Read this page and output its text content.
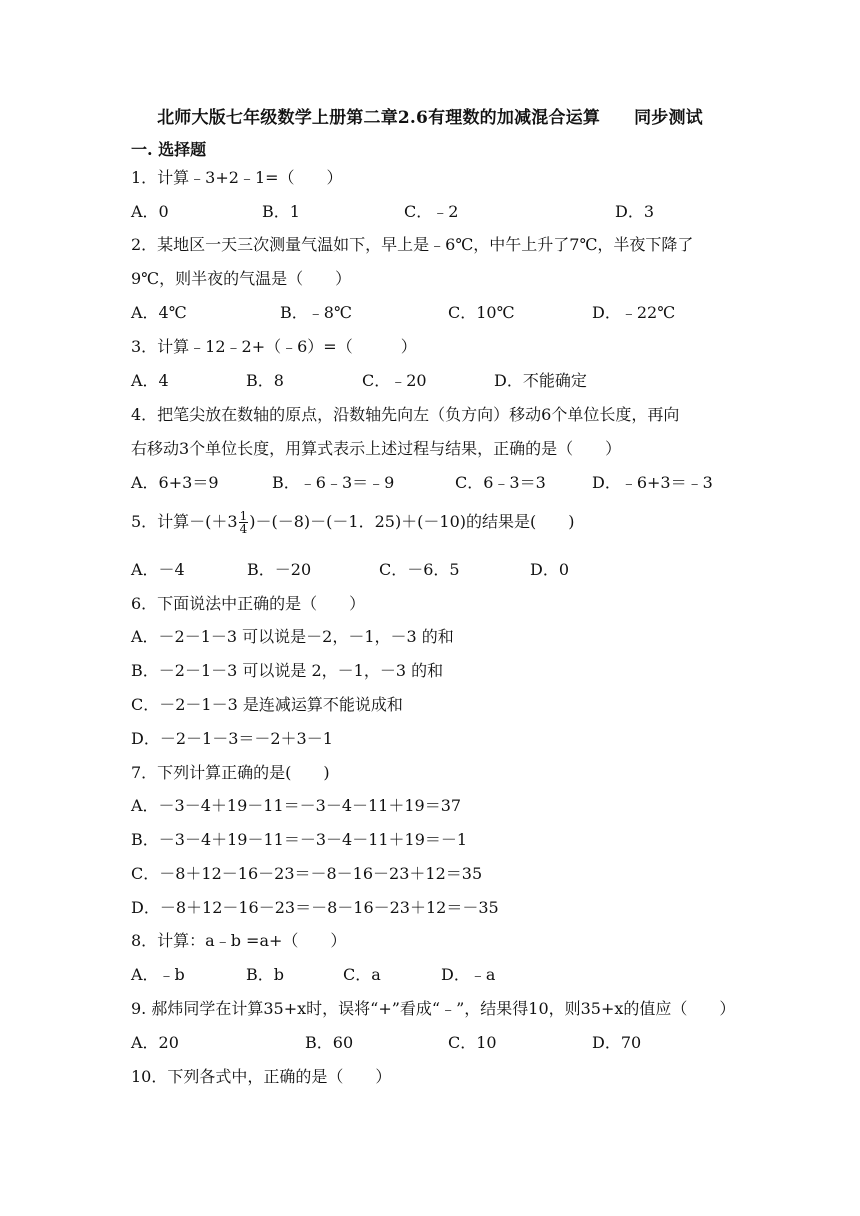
北师大版七年级数学上册第二章2.6有理数的加减混合运算 同步测试
一. 选择题
1．计算﹣3+2﹣1=（　　）
A．0	B．1	C．﹣2	D．3
2．某地区一天三次测量气温如下，早上是﹣6℃，中午上升了7℃，半夜下降了
9℃，则半夜的气温是（　　）
A．4℃	B．﹣8℃	C．10℃	D．﹣22℃
3．计算﹣12﹣2+（﹣6）=（　　　）
A．4	B．8	C．﹣20	D．不能确定
4．把笔尖放在数轴的原点，沿数轴先向左（负方向）移动6个单位长度，再向
右移动3个单位长度，用算式表示上述过程与结果，正确的是（　　）
A．6+3＝9	B．﹣6﹣3＝﹣9	C．6﹣3＝3	D．﹣6+3＝﹣3
5．计算$-(+3 \frac{1}{4} )-(-8)-(-1$．25)＋(－10)的结果是(　　)
A．－4	B．－20	C．－6．5	D．0
6．下面说法中正确的是（　　）
A．－2－1－3 可以说是－2，－1，－3 的和
B．－2－1－3 可以说是 2，－1，－3 的和
C．－2－1－3 是连减运算不能说成和
D．－2－1－3＝－2＋3－1
7．下列计算正确的是(　　)
A．－3－4＋19－11＝－3－4－11＋19＝37
B．－3－4＋19－11＝－3－4－11＋19＝－1
C．－8＋12－16－23＝－8－16－23＋12＝35
D．－8＋12－16－23＝－8－16－23＋12＝－35
8．计算：a﹣b =a+（　　）
A．﹣b	B．b	C．a	D．﹣a
9. 郝炜同学在计算35+x时，误将“+”看成“﹣”，结果得10，则35+x的值应（　　）
A．20	B．60	C．10	D．70
10．下列各式中，正确的是（　　）
